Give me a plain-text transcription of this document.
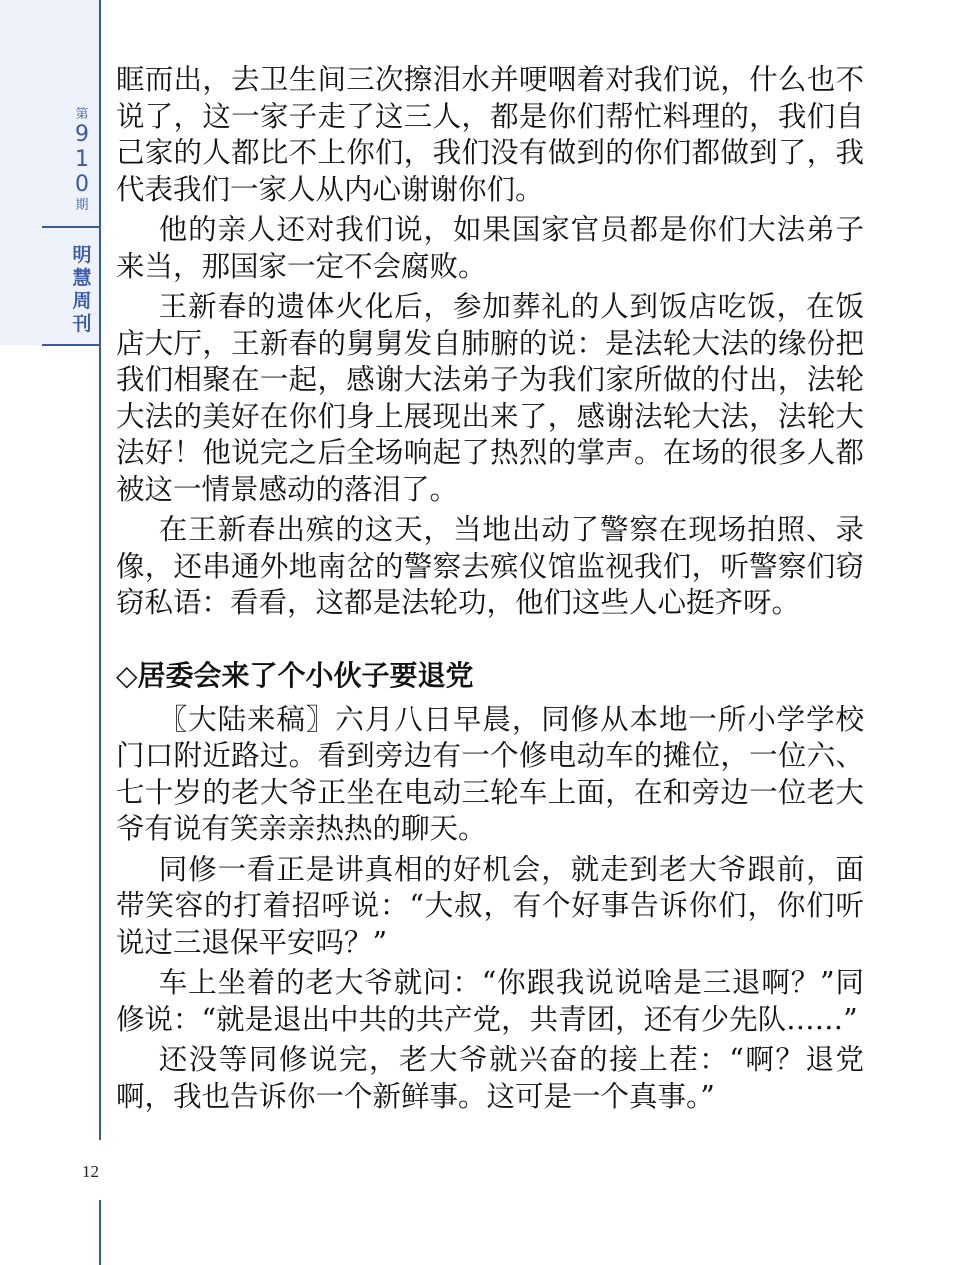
第
9
1
0
期
明
慧
周
刊
12

眶而出，去卫生间三次擦泪水并哽咽着对我们说，什么也不说了，这一家子走了这三人，都是你们帮忙料理的，我们自己家的人都比不上你们，我们没有做到的你们都做到了，我代表我们一家人从内心谢谢你们。

他的亲人还对我们说，如果国家官员都是你们大法弟子来当，那国家一定不会腐败。

王新春的遗体火化后，参加葬礼的人到饭店吃饭，在饭店大厅，王新春的舅舅发自肺腑的说：是法轮大法的缘份把我们相聚在一起，感谢大法弟子为我们家所做的付出，法轮大法的美好在你们身上展现出来了，感谢法轮大法，法轮大法好！他说完之后全场响起了热烈的掌声。在场的很多人都被这一情景感动的落泪了。

在王新春出殡的这天，当地出动了警察在现场拍照、录像，还串通外地南岔的警察去殡仪馆监视我们，听警察们窃窃私语：看看，这都是法轮功，他们这些人心挺齐呀。

◇居委会来了个小伙子要退党

〖大陆来稿〗六月八日早晨，同修从本地一所小学学校门口附近路过。看到旁边有一个修电动车的摊位，一位六、七十岁的老大爷正坐在电动三轮车上面，在和旁边一位老大爷有说有笑亲亲热热的聊天。

同修一看正是讲真相的好机会，就走到老大爷跟前，面带笑容的打着招呼说：“大叔，有个好事告诉你们，你们听说过三退保平安吗？”

车上坐着的老大爷就问：“你跟我说说啥是三退啊？”同修说：“就是退出中共的共产党，共青团，还有少先队……”

还没等同修说完，老大爷就兴奋的接上茬：“啊？退党啊，我也告诉你一个新鲜事。这可是一个真事。”
